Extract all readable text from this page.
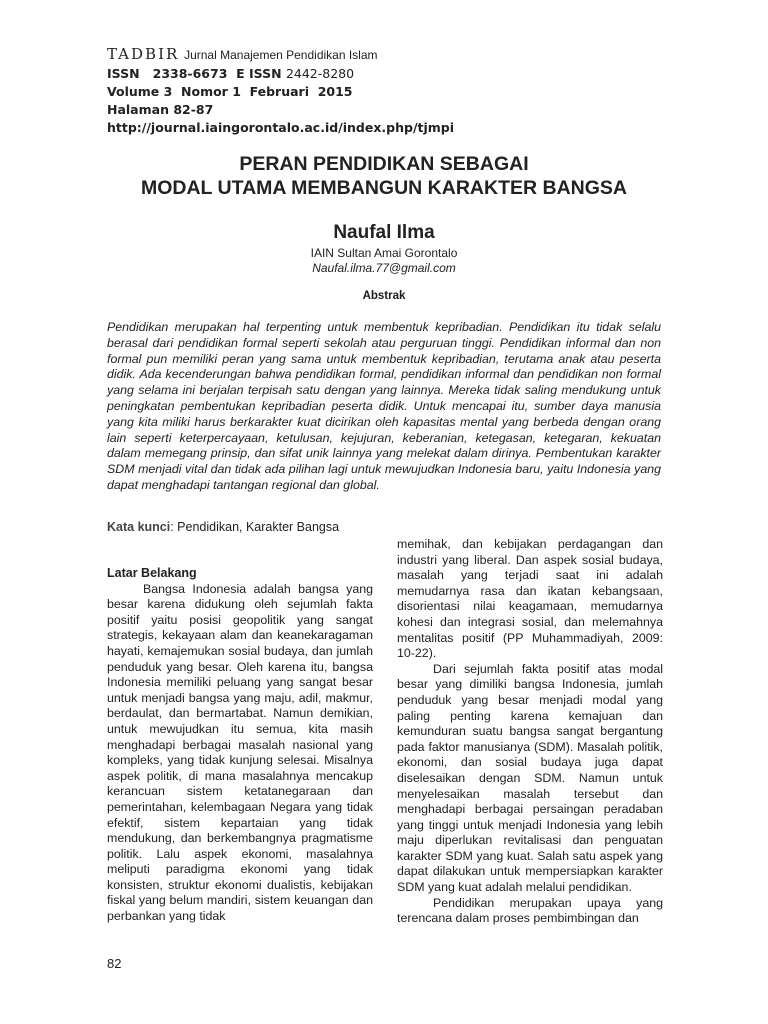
TADBIR Jurnal Manajemen Pendidikan Islam
ISSN 2338-6673 E ISSN 2442-8280
Volume 3  Nomor 1  Februari  2015
Halaman 82-87
http://journal.iaingorontalo.ac.id/index.php/tjmpi
PERAN PENDIDIKAN SEBAGAI
MODAL UTAMA MEMBANGUN KARAKTER BANGSA
Naufal Ilma
IAIN Sultan Amai Gorontalo
Naufal.ilma.77@gmail.com
Abstrak
Pendidikan merupakan hal terpenting untuk membentuk kepribadian. Pendidikan itu tidak selalu berasal dari pendidikan formal seperti sekolah atau perguruan tinggi. Pendidikan informal dan non formal pun memiliki peran yang sama untuk membentuk kepribadian, terutama anak atau peserta didik. Ada kecenderungan bahwa pendidikan formal, pendidikan informal dan pendidikan non formal yang selama ini berjalan terpisah satu dengan yang lainnya. Mereka tidak saling mendukung untuk peningkatan pembentukan kepribadian peserta didik. Untuk mencapai itu, sumber daya manusia yang kita miliki harus berkarakter kuat dicirikan oleh kapasitas mental yang berbeda dengan orang lain seperti keterpercayaan, ketulusan, kejujuran, keberanian, ketegasan, ketegaran, kekuatan dalam memegang prinsip, dan sifat unik lainnya yang melekat dalam dirinya. Pembentukan karakter SDM menjadi vital dan tidak ada pilihan lagi untuk mewujudkan Indonesia baru, yaitu Indonesia yang dapat menghadapi tantangan regional dan global.
Kata kunci: Pendidikan, Karakter Bangsa
Latar Belakang

Bangsa Indonesia adalah bangsa yang besar karena didukung oleh sejumlah fakta positif yaitu posisi geopolitik yang sangat strategis, kekayaan alam dan keanekaragaman hayati, kemajemukan sosial budaya, dan jumlah penduduk yang besar. Oleh karena itu, bangsa Indonesia memiliki peluang yang sangat besar untuk menjadi bangsa yang maju, adil, makmur, berdaulat, dan bermartabat. Namun demikian, untuk mewujudkan itu semua, kita masih menghadapi berbagai masalah nasional yang kompleks, yang tidak kunjung selesai. Misalnya aspek politik, di mana masalahnya mencakup kerancuan sistem ketatanegaraan dan pemerintahan, kelembagaan Negara yang tidak efektif, sistem kepartaian yang tidak mendukung, dan berkembangnya pragmatisme politik. Lalu aspek ekonomi, masalahnya meliputi paradigma ekonomi yang tidak konsisten, struktur ekonomi dualistis, kebijakan fiskal yang belum mandiri, sistem keuangan dan perbankan yang tidak

memihak, dan kebijakan perdagangan dan industri yang liberal. Dan aspek sosial budaya, masalah yang terjadi saat ini adalah memudarnya rasa dan ikatan kebangsaan, disorientasi nilai keagamaan, memudarnya kohesi dan integrasi sosial, dan melemahnya mentalitas positif (PP Muhammadiyah, 2009: 10-22).

Dari sejumlah fakta positif atas modal besar yang dimiliki bangsa Indonesia, jumlah penduduk yang besar menjadi modal yang paling penting karena kemajuan dan kemunduran suatu bangsa sangat bergantung pada faktor manusianya (SDM). Masalah politik, ekonomi, dan sosial budaya juga dapat diselesaikan dengan SDM. Namun untuk menyelesaikan masalah tersebut dan menghadapi berbagai persaingan peradaban yang tinggi untuk menjadi Indonesia yang lebih maju diperlukan revitalisasi dan penguatan karakter SDM yang kuat. Salah satu aspek yang dapat dilakukan untuk mempersiapkan karakter SDM yang kuat adalah melalui pendidikan.

Pendidikan merupakan upaya yang terencana dalam proses pembimbingan dan

82
